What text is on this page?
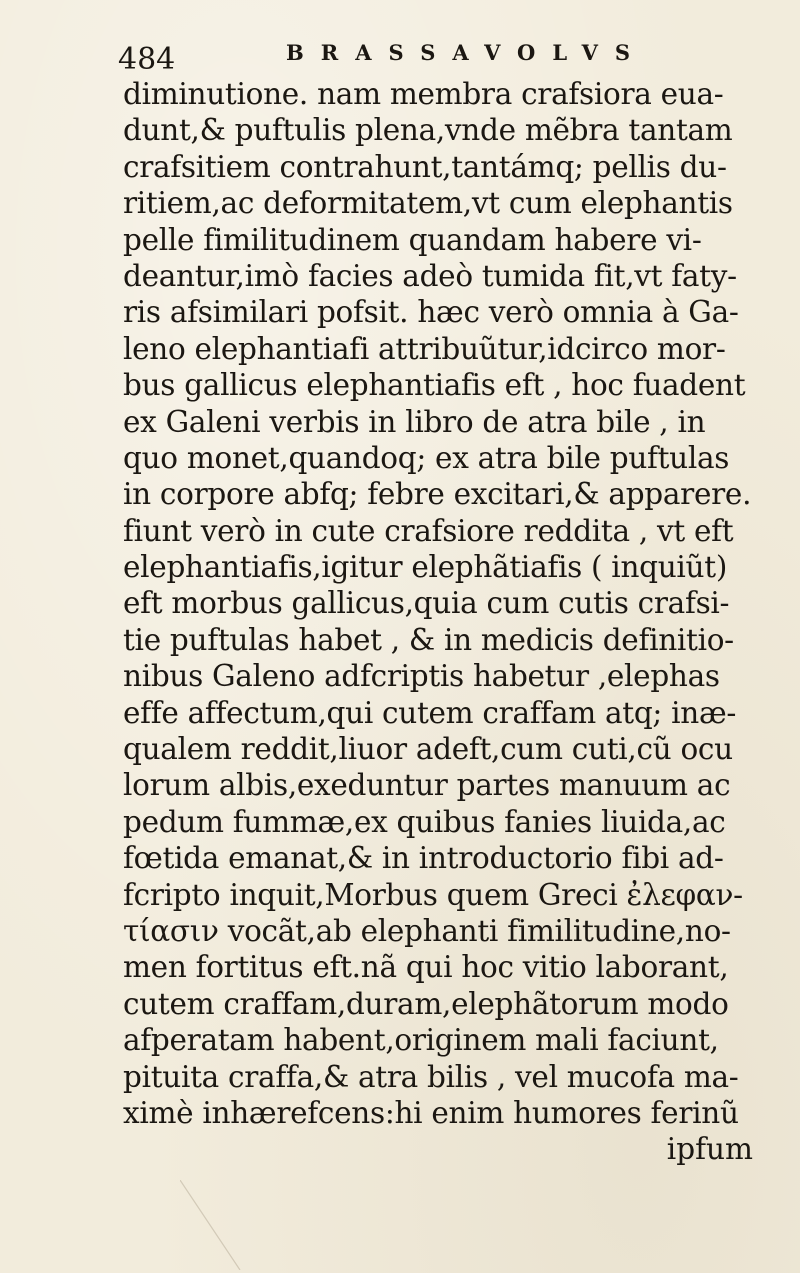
484	BRASSAVOLVS
diminutione. nam membra crafsiora eua-
dunt,& puftulis plena,vnde mẽbra tantam
crafsitiem contrahunt,tantámq; pellis du-
ritiem,ac deformitatem,vt cum elephantis
pelle fimilitudinem quandam habere vi-
deantur,imò facies adeò tumida fit,vt faty-
ris afsimilari pofsit. hæc verò omnia à Ga-
leno elephantiafi attribuũtur,idcirco mor-
bus gallicus elephantiafis eft , hoc fuadent
ex Galeni verbis in libro de atra bile , in
quo monet,quandoq; ex atra bile puftulas
in corpore abfq; febre excitari,& apparere.
fiunt verò in cute crafsiore reddita , vt eft
elephantiafis,igitur elephãtiafis ( inquiũt)
eft morbus gallicus,quia cum cutis crafsi-
tie puftulas habet , & in medicis definitio-
nibus Galeno adfcriptis habetur ,elephas
effe affectum,qui cutem craffam atq; inæ-
qualem reddit,liuor adeft,cum cuti,cũ ocu
lorum albis,exeduntur partes manuum ac
pedum fummæ,ex quibus fanies liuida,ac
fœtida emanat,& in introductorio fibi ad-
fcripto inquit,Morbus quem Greci ἐλεφαν-
τίασιν vocãt,ab elephanti fimilitudine,no-
men fortitus eft.nã qui hoc vitio laborant,
cutem craffam,duram,elephãtorum modo
afperatam habent,originem mali faciunt,
pituita craffa,& atra bilis , vel mucofa ma-
ximè inhærefcens:hi enim humores ferinũ
ipfum
